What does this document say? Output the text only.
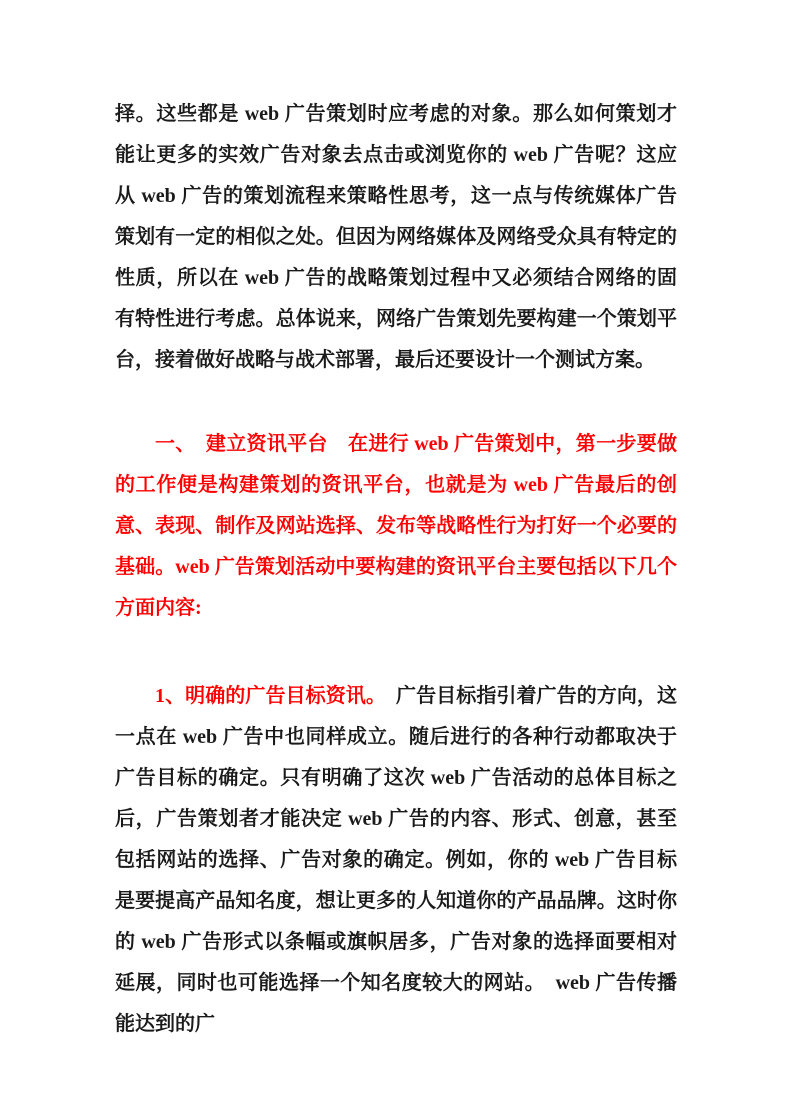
择。这些都是 web 广告策划时应考虑的对象。那么如何策划才能让更多的实效广告对象去点击或浏览你的 web 广告呢？这应从 web 广告的策划流程来策略性思考，这一点与传统媒体广告策划有一定的相似之处。但因为网络媒体及网络受众具有特定的性质，所以在 web 广告的战略策划过程中又必须结合网络的固有特性进行考虑。总体说来，网络广告策划先要构建一个策划平台，接着做好战略与战术部署，最后还要设计一个测试方案。
一、　建立资讯平台　在进行 web 广告策划中，第一步要做的工作便是构建策划的资讯平台，也就是为 web 广告最后的创意、表现、制作及网站选择、发布等战略性行为打好一个必要的基础。web 广告策划活动中要构建的资讯平台主要包括以下几个方面内容:
1、明确的广告目标资讯。　广告目标指引着广告的方向，这一点在 web 广告中也同样成立。随后进行的各种行动都取决于广告目标的确定。只有明确了这次 web 广告活动的总体目标之后，广告策划者才能决定 web 广告的内容、形式、创意，甚至包括网站的选择、广告对象的确定。例如，你的 web 广告目标是要提高产品知名度，想让更多的人知道你的产品品牌。这时你的 web 广告形式以条幅或旗帜居多，广告对象的选择面要相对延展，同时也可能选择一个知名度较大的网站。　web 广告传播能达到的广
